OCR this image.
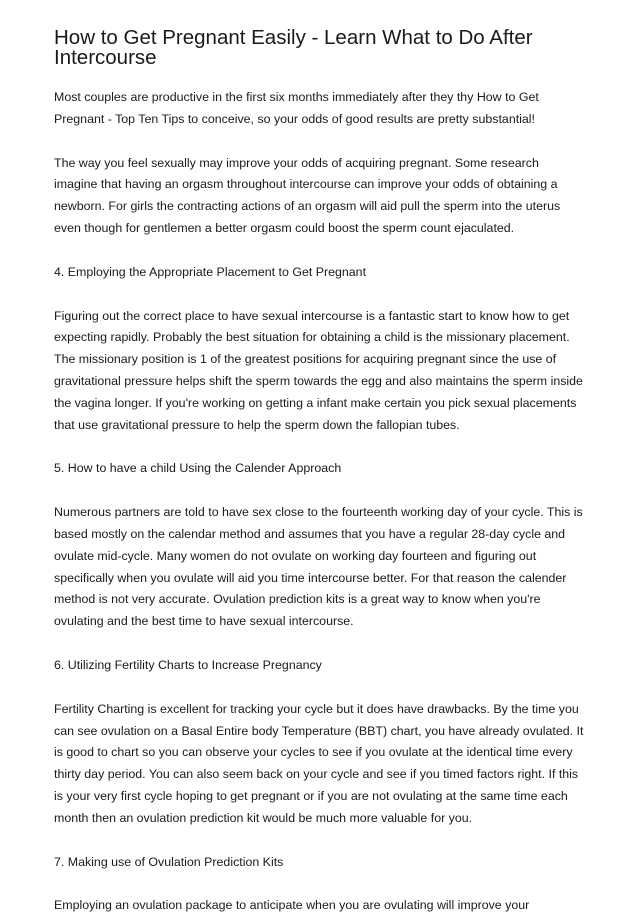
How to Get Pregnant Easily - Learn What to Do After Intercourse

Most couples are productive in the first six months immediately after they thy How to Get Pregnant - Top Ten Tips to conceive, so your odds of good results are pretty substantial!

The way you feel sexually may improve your odds of acquiring pregnant. Some research imagine that having an orgasm throughout intercourse can improve your odds of obtaining a newborn. For girls the contracting actions of an orgasm will aid pull the sperm into the uterus even though for gentlemen a better orgasm could boost the sperm count ejaculated.

4. Employing the Appropriate Placement to Get Pregnant

Figuring out the correct place to have sexual intercourse is a fantastic start to know how to get expecting rapidly. Probably the best situation for obtaining a child is the missionary placement. The missionary position is 1 of the greatest positions for acquiring pregnant since the use of gravitational pressure helps shift the sperm towards the egg and also maintains the sperm inside the vagina longer. If you're working on getting a infant make certain you pick sexual placements that use gravitational pressure to help the sperm down the fallopian tubes.

5. How to have a child Using the Calender Approach

Numerous partners are told to have sex close to the fourteenth working day of your cycle. This is based mostly on the calendar method and assumes that you have a regular 28-day cycle and ovulate mid-cycle. Many women do not ovulate on working day fourteen and figuring out specifically when you ovulate will aid you time intercourse better. For that reason the calender method is not very accurate. Ovulation prediction kits is a great way to know when you're ovulating and the best time to have sexual intercourse.

6. Utilizing Fertility Charts to Increase Pregnancy

Fertility Charting is excellent for tracking your cycle but it does have drawbacks. By the time you can see ovulation on a Basal Entire body Temperature (BBT) chart, you have already ovulated. It is good to chart so you can observe your cycles to see if you ovulate at the identical time every thirty day period. You can also seem back on your cycle and see if you timed factors right. If this is your very first cycle hoping to get pregnant or if you are not ovulating at the same time each month then an ovulation prediction kit would be much more valuable for you.

7. Making use of Ovulation Prediction Kits

Employing an ovulation package to anticipate when you are ovulating will improve your
